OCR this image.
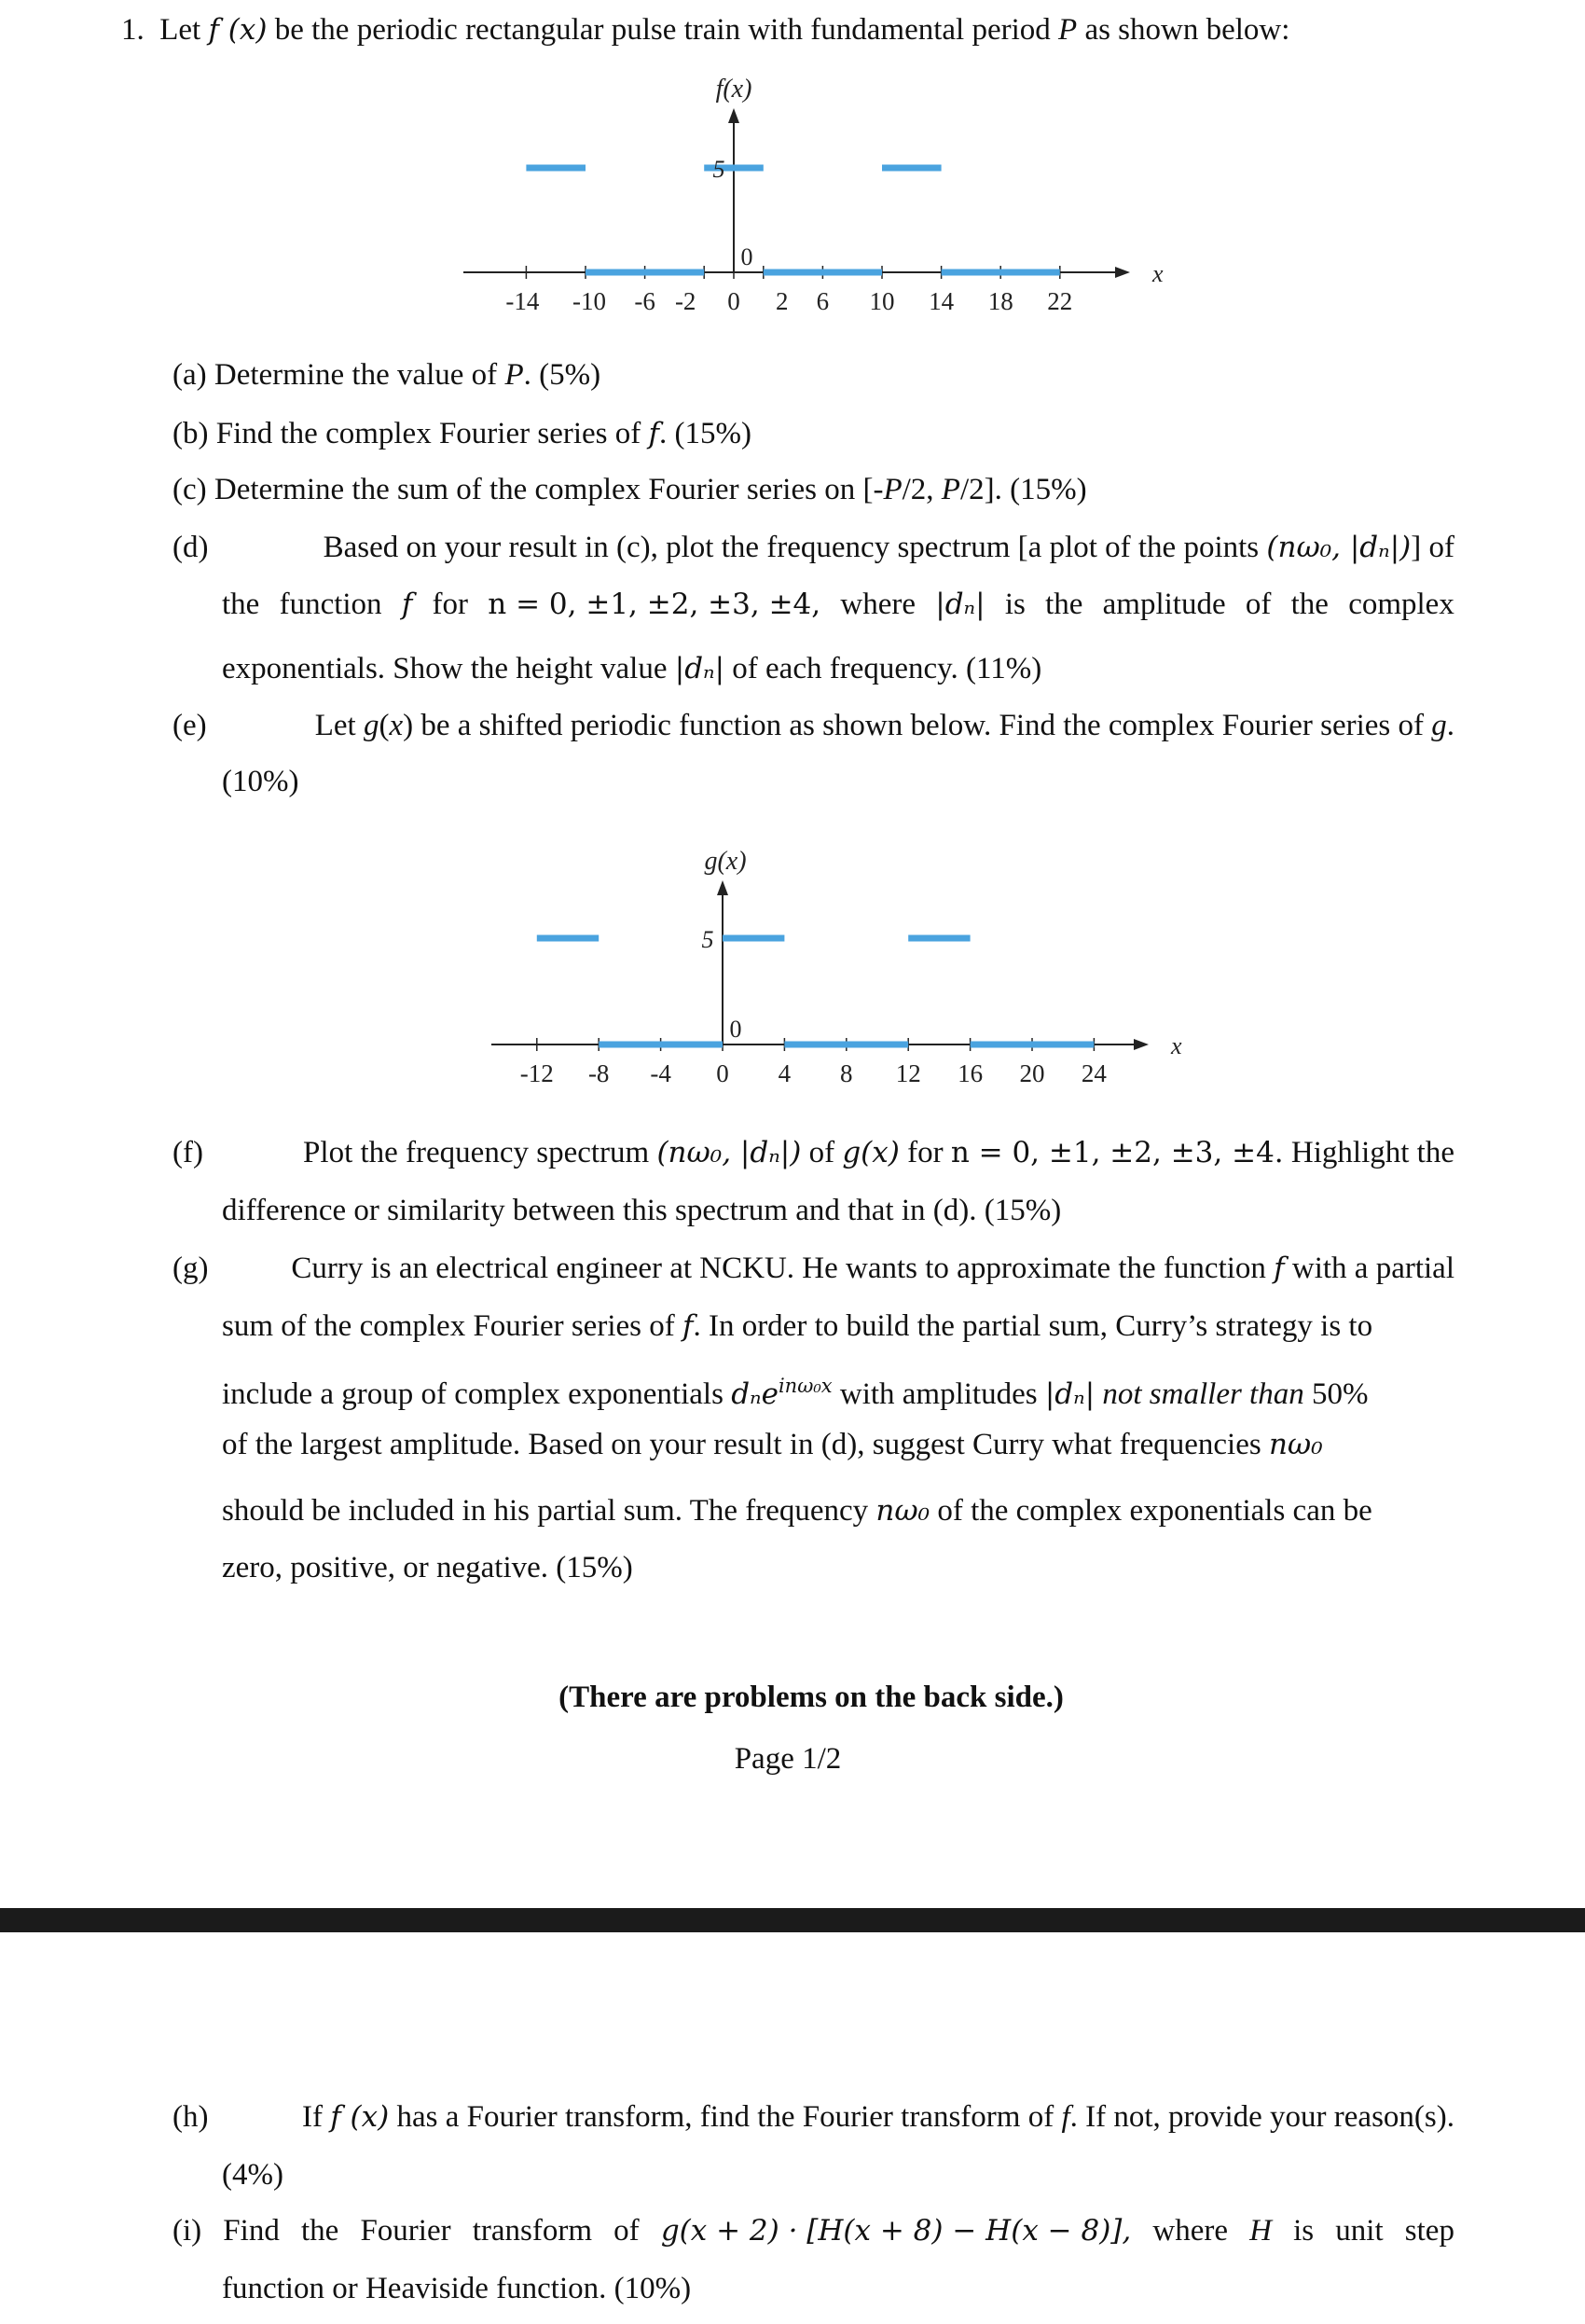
1. Let f (x) be the periodic rectangular pulse train with fundamental period P as shown below:
-14 -10 -6 -2 0 2 6 10 14 18 22
f(x)
x
5
0
(a) Determine the value of P. (5%)
(b) Find the complex Fourier series of f. (15%)
(c) Determine the sum of the complex Fourier series on [-P/2, P/2]. (15%)
(d)	Based on your result in (c), plot the frequency spectrum [a plot of the points (nω₀, |dₙ|)] of
the function f for n = 0, ±1, ±2, ±3, ±4, where |dₙ| is the amplitude of the complex
exponentials. Show the height value |dₙ| of each frequency. (11%)
(e)	Let g(x) be a shifted periodic function as shown below. Find the complex Fourier series of g.
(10%)
-12 -8 -4 0 4 8 12 16 20 24
g(x)
x
5
0
(f)	Plot the frequency spectrum (nω₀, |dₙ|) of g(x) for n = 0, ±1, ±2, ±3, ±4. Highlight the
difference or similarity between this spectrum and that in (d). (15%)
(g)	Curry is an electrical engineer at NCKU. He wants to approximate the function f with a partial
sum of the complex Fourier series of f. In order to build the partial sum, Curry’s strategy is to
include a group of complex exponentials dₙe$^{in\omega_0x}$ with amplitudes |dₙ| not smaller than 50%
of the largest amplitude. Based on your result in (d), suggest Curry what frequencies nω₀
should be included in his partial sum. The frequency nω₀ of the complex exponentials can be
zero, positive, or negative. (15%)
(There are problems on the back side.)
Page 1/2
(h)	If f (x) has a Fourier transform, find the Fourier transform of f. If not, provide your reason(s).
(4%)
(i) Find the Fourier transform of g(x + 2) · [H(x + 8) − H(x − 8)], where H is unit step
function or Heaviside function. (10%)
